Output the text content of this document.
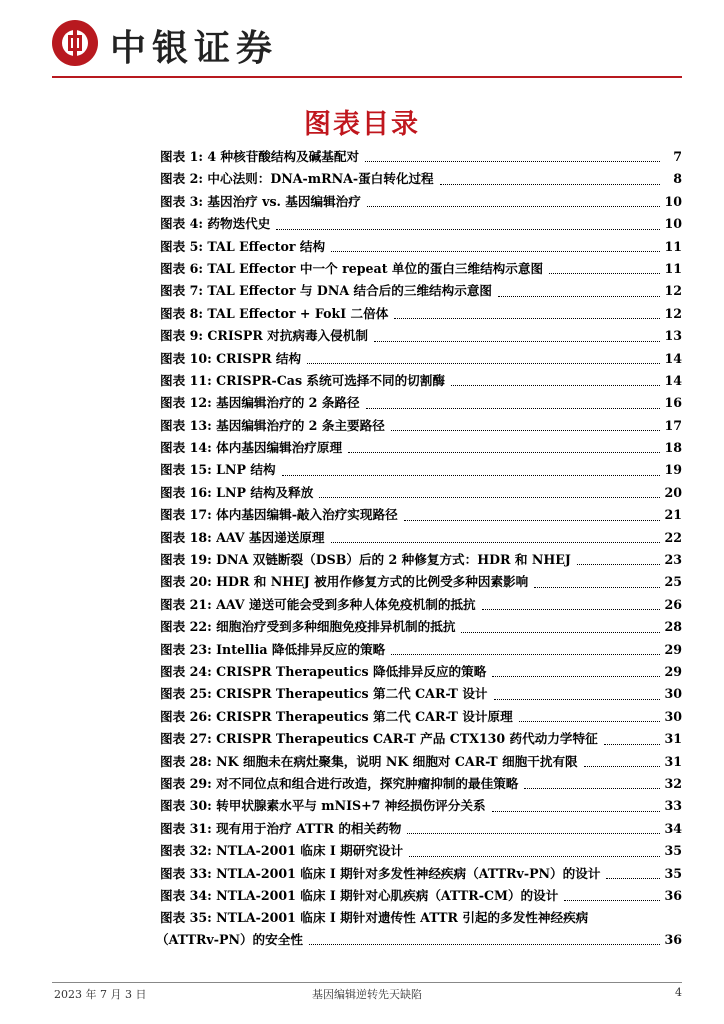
中银证券
图表目录
图表 1: 4 种核苷酸结构及碱基配对	7
图表 2: 中心法则：DNA-mRNA-蛋白转化过程	8
图表 3: 基因治疗 vs. 基因编辑治疗	10
图表 4: 药物迭代史	10
图表 5: TAL Effector 结构	11
图表 6: TAL Effector 中一个 repeat 单位的蛋白三维结构示意图	11
图表 7: TAL Effector 与 DNA 结合后的三维结构示意图	12
图表 8: TAL Effector + FokI 二倍体	12
图表 9: CRISPR 对抗病毒入侵机制	13
图表 10: CRISPR 结构	14
图表 11: CRISPR-Cas 系统可选择不同的切割酶	14
图表 12: 基因编辑治疗的 2 条路径	16
图表 13: 基因编辑治疗的 2 条主要路径	17
图表 14: 体内基因编辑治疗原理	18
图表 15: LNP 结构	19
图表 16: LNP 结构及释放	20
图表 17: 体内基因编辑-敲入治疗实现路径	21
图表 18: AAV 基因递送原理	22
图表 19: DNA 双链断裂（DSB）后的 2 种修复方式：HDR 和 NHEJ	23
图表 20: HDR 和 NHEJ 被用作修复方式的比例受多种因素影响	25
图表 21: AAV 递送可能会受到多种人体免疫机制的抵抗	26
图表 22: 细胞治疗受到多种细胞免疫排异机制的抵抗	28
图表 23: Intellia 降低排异反应的策略	29
图表 24: CRISPR Therapeutics 降低排异反应的策略	29
图表 25: CRISPR Therapeutics 第二代 CAR-T 设计	30
图表 26: CRISPR Therapeutics 第二代 CAR-T 设计原理	30
图表 27: CRISPR Therapeutics CAR-T 产品 CTX130 药代动力学特征	31
图表 28: NK 细胞未在病灶聚集，说明 NK 细胞对 CAR-T 细胞干扰有限	31
图表 29: 对不同位点和组合进行改造，探究肿瘤抑制的最佳策略	32
图表 30: 转甲状腺素水平与 mNIS+7 神经损伤评分关系	33
图表 31: 现有用于治疗 ATTR 的相关药物	34
图表 32: NTLA-2001 临床 I 期研究设计	35
图表 33: NTLA-2001 临床 I 期针对多发性神经疾病（ATTRv-PN）的设计	35
图表 34: NTLA-2001 临床 I 期针对心肌疾病（ATTR-CM）的设计	36
图表 35: NTLA-2001 临床 I 期针对遗传性 ATTR 引起的多发性神经疾病
（ATTRv-PN）的安全性	36
2023 年 7 月 3 日	基因编辑逆转先天缺陷	4
